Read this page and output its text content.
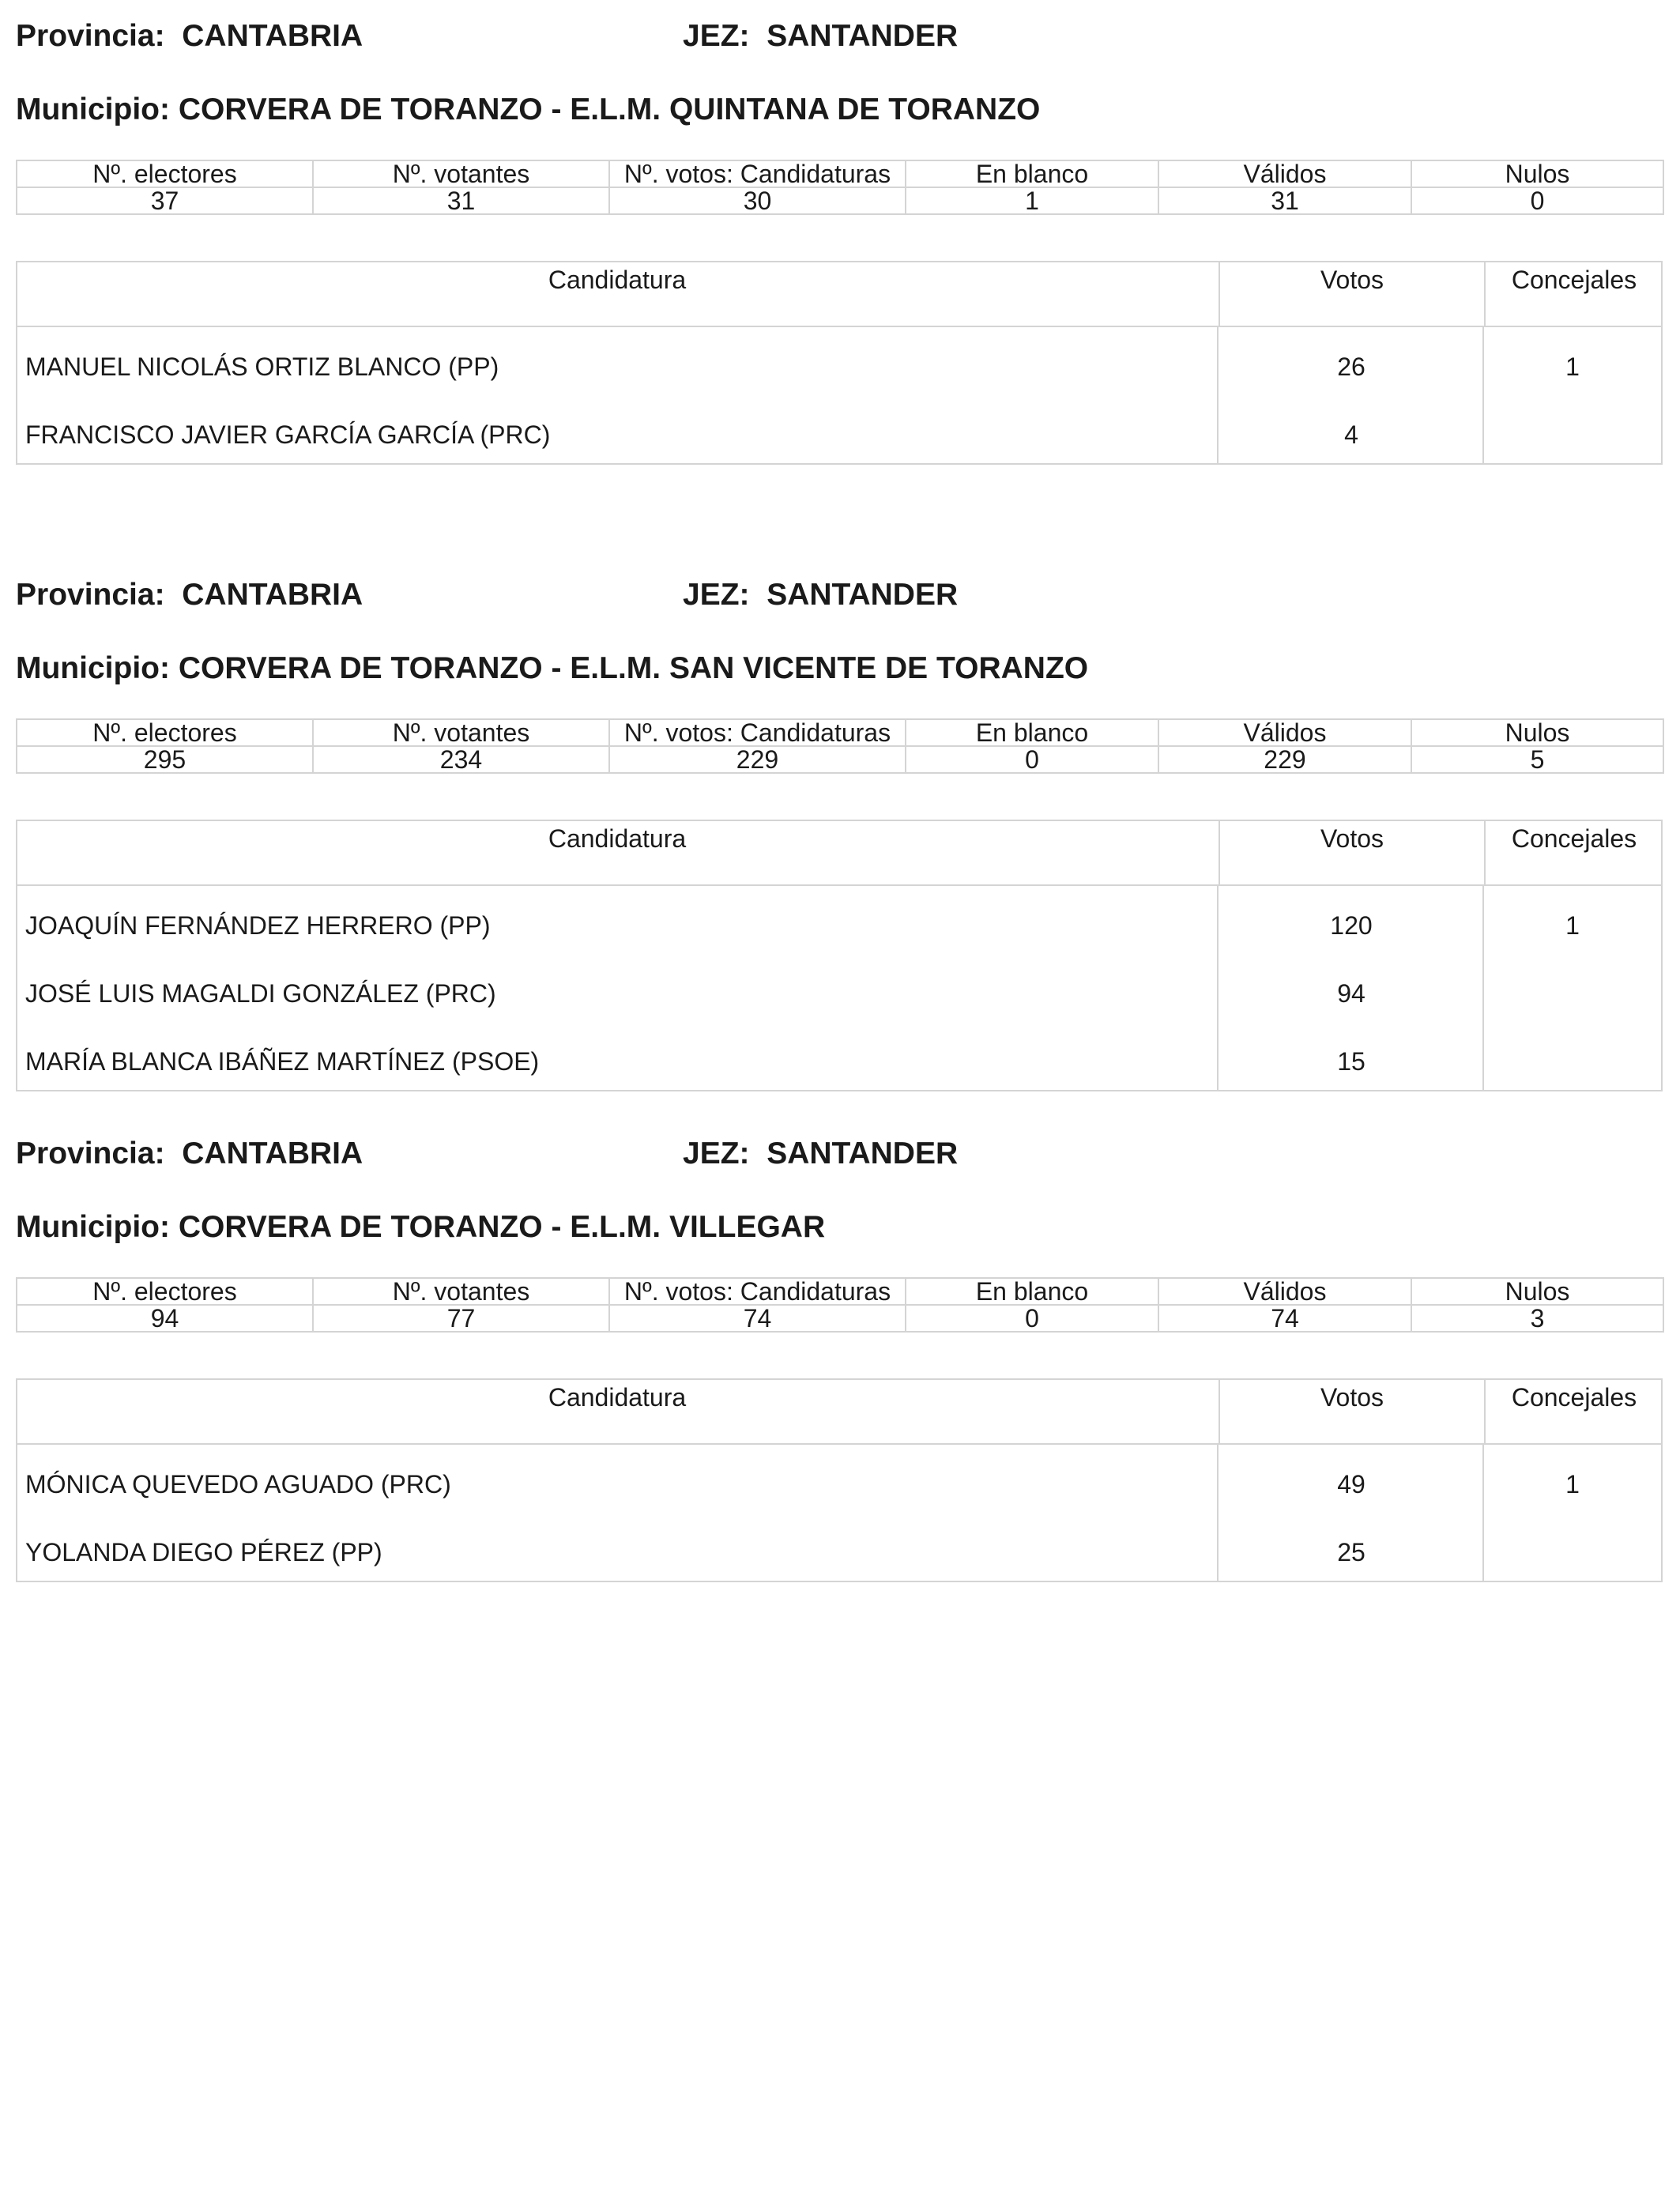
Provincia: CANTABRIA	JEZ: SANTANDER
Municipio: CORVERA DE TORANZO - E.L.M. QUINTANA DE TORANZO
Nº. electores	Nº. votantes	Nº. votos: Candidaturas	En blanco	Válidos	Nulos
37	31	30	1	31	0
Candidatura	Votos	Concejales
MANUEL NICOLÁS ORTIZ BLANCO (PP)	26	1
FRANCISCO JAVIER GARCÍA GARCÍA (PRC)	4
Provincia: CANTABRIA	JEZ: SANTANDER
Municipio: CORVERA DE TORANZO - E.L.M. SAN VICENTE DE TORANZO
Nº. electores	Nº. votantes	Nº. votos: Candidaturas	En blanco	Válidos	Nulos
295	234	229	0	229	5
Candidatura	Votos	Concejales
JOAQUÍN FERNÁNDEZ HERRERO (PP)	120	1
JOSÉ LUIS MAGALDI GONZÁLEZ (PRC)	94
MARÍA BLANCA IBÁÑEZ MARTÍNEZ (PSOE)	15
Provincia: CANTABRIA	JEZ: SANTANDER
Municipio: CORVERA DE TORANZO - E.L.M. VILLEGAR
Nº. electores	Nº. votantes	Nº. votos: Candidaturas	En blanco	Válidos	Nulos
94	77	74	0	74	3
Candidatura	Votos	Concejales
MÓNICA QUEVEDO AGUADO (PRC)	49	1
YOLANDA DIEGO PÉREZ (PP)	25
